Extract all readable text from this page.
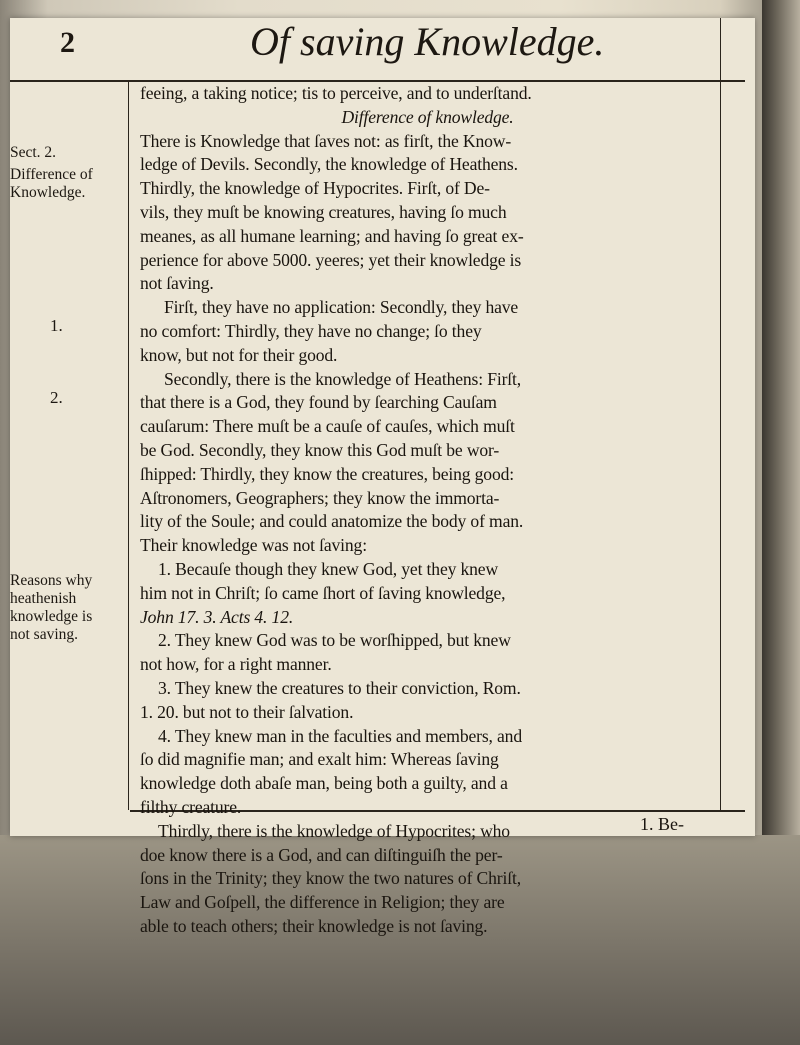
2	Of saving Knowledge.
Sect. 2.
Difference of
Knowledge.
1.
2.
Reasons why
heathenish
knowledge is
not saving.
feeing, a taking notice; tis to perceive, and to underſtand.
Difference of knowledge.
There is Knowledge that ſaves not: as firſt, the Know-
ledge of Devils. Secondly, the knowledge of Heathens.
Thirdly, the knowledge of Hypocrites. Firſt, of De-
vils, they muſt be knowing creatures, having ſo much
meanes, as all humane learning; and having ſo great ex-
perience for above 5000. yeeres; yet their knowledge is
not ſaving.
Firſt, they have no application: Secondly, they have
no comfort: Thirdly, they have no change; ſo they
know, but not for their good.
Secondly, there is the knowledge of Heathens: Firſt,
that there is a God, they found by ſearching Cauſam
cauſarum: There muſt be a cauſe of cauſes, which muſt
be God. Secondly, they know this God muſt be wor-
ſhipped: Thirdly, they know the creatures, being good:
Aſtronomers, Geographers; they know the immorta-
lity of the Soule; and could anatomize the body of man.
Their knowledge was not ſaving:
1. Becauſe though they knew God, yet they knew
him not in Chriſt; ſo came ſhort of ſaving knowledge,
John 17. 3. Acts 4. 12.
2. They knew God was to be worſhipped, but knew
not how, for a right manner.
3. They knew the creatures to their conviction, Rom.
1. 20. but not to their ſalvation.
4. They knew man in the faculties and members, and
ſo did magnifie man; and exalt him: Whereas ſaving
knowledge doth abaſe man, being both a guilty, and a
filthy creature.
Thirdly, there is the knowledge of Hypocrites; who
doe know there is a God, and can diſtinguiſh the per-
ſons in the Trinity; they know the two natures of Chriſt,
Law and Goſpell, the difference in Religion; they are
able to teach others; their knowledge is not ſaving.
1. Be-
